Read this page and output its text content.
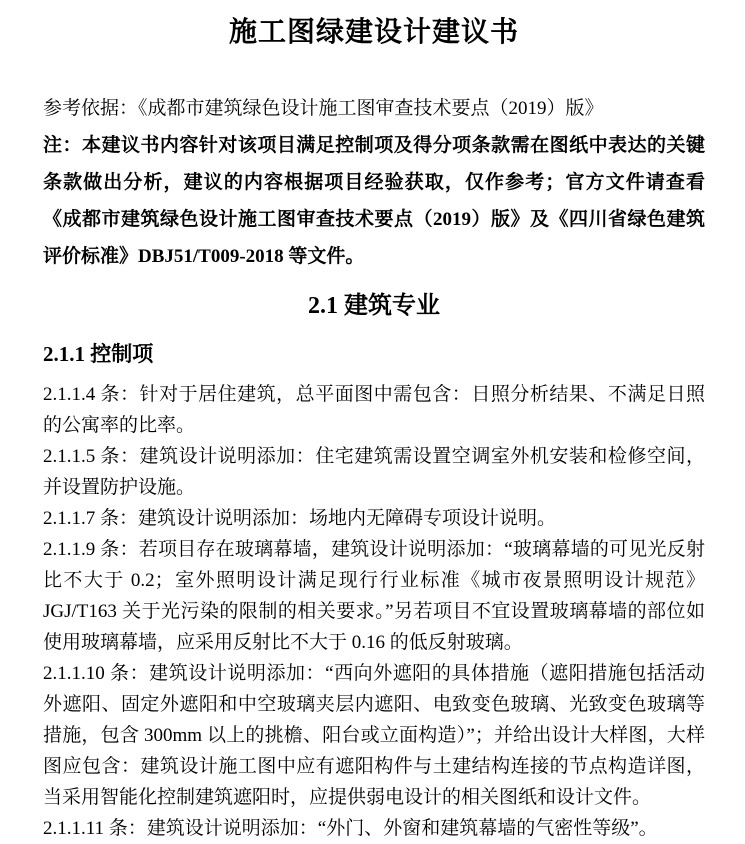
施工图绿建设计建议书

参考依据：《成都市建筑绿色设计施工图审查技术要点（2019）版》

注：本建议书内容针对该项目满足控制项及得分项条款需在图纸中表达的关键条款做出分析，建议的内容根据项目经验获取，仅作参考；官方文件请查看《成都市建筑绿色设计施工图审查技术要点（2019）版》及《四川省绿色建筑评价标准》DBJ51/T009-2018 等文件。

2.1 建筑专业
2.1.1 控制项

2.1.1.4 条：针对于居住建筑，总平面图中需包含：日照分析结果、不满足日照的公寓率的比率。

2.1.1.5 条：建筑设计说明添加：住宅建筑需设置空调室外机安装和检修空间，并设置防护设施。

2.1.1.7 条：建筑设计说明添加：场地内无障碍专项设计说明。

2.1.1.9 条：若项目存在玻璃幕墙，建筑设计说明添加：“玻璃幕墙的可见光反射比不大于 0.2；室外照明设计满足现行行业标准《城市夜景照明设计规范》JGJ/T163 关于光污染的限制的相关要求。”另若项目不宜设置玻璃幕墙的部位如使用玻璃幕墙，应采用反射比不大于 0.16 的低反射玻璃。

2.1.1.10 条：建筑设计说明添加：“西向外遮阳的具体措施（遮阳措施包括活动外遮阳、固定外遮阳和中空玻璃夹层内遮阳、电致变色玻璃、光致变色玻璃等措施，包含 300mm 以上的挑檐、阳台或立面构造）”；并给出设计大样图，大样图应包含：建筑设计施工图中应有遮阳构件与土建结构连接的节点构造详图，当采用智能化控制建筑遮阳时，应提供弱电设计的相关图纸和设计文件。

2.1.1.11 条：建筑设计说明添加：“外门、外窗和建筑幕墙的气密性等级”。
